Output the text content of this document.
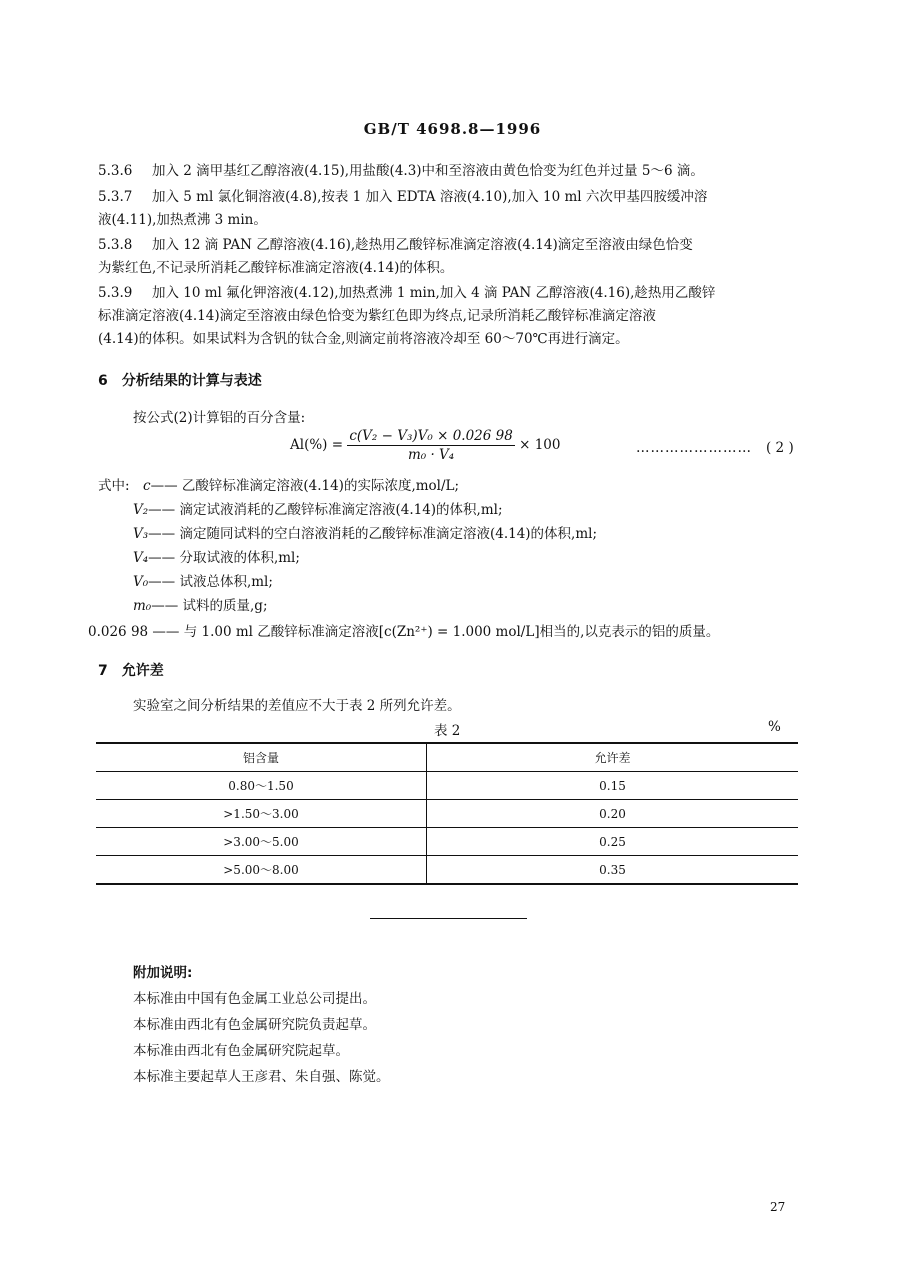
GB/T 4698.8—1996
5.3.6 加入 2 滴甲基红乙醇溶液(4.15),用盐酸(4.3)中和至溶液由黄色恰变为红色并过量 5～6 滴。
5.3.7 加入 5 ml 氯化铜溶液(4.8),按表 1 加入 EDTA 溶液(4.10),加入 10 ml 六次甲基四胺缓冲溶
液(4.11),加热煮沸 3 min。
5.3.8 加入 12 滴 PAN 乙醇溶液(4.16),趁热用乙酸锌标准滴定溶液(4.14)滴定至溶液由绿色恰变
为紫红色,不记录所消耗乙酸锌标准滴定溶液(4.14)的体积。
5.3.9 加入 10 ml 氟化钾溶液(4.12),加热煮沸 1 min,加入 4 滴 PAN 乙醇溶液(4.16),趁热用乙酸锌
标准滴定溶液(4.14)滴定至溶液由绿色恰变为紫红色即为终点,记录所消耗乙酸锌标准滴定溶液
(4.14)的体积。如果试料为含钒的钛合金,则滴定前将溶液冷却至 60～70℃再进行滴定。
6　分析结果的计算与表述
按公式(2)计算铝的百分含量:
$Al(\%) = \frac{\text{c(V₂ − V₃)V₀ × 0.026 98}}{\text{m₀ · V₄}} \times 100$	…………………… ( 2 )
式中: c—— 乙酸锌标准滴定溶液(4.14)的实际浓度,mol/L;
V₂—— 滴定试液消耗的乙酸锌标准滴定溶液(4.14)的体积,ml;
V₃—— 滴定随同试料的空白溶液消耗的乙酸锌标准滴定溶液(4.14)的体积,ml;
V₄—— 分取试液的体积,ml;
V₀—— 试液总体积,ml;
m₀—— 试料的质量,g;
0.026 98 —— 与 1.00 ml 乙酸锌标准滴定溶液[c(Zn²⁺) = 1.000 mol/L]相当的,以克表示的铝的质量。
7　允许差
实验室之间分析结果的差值应不大于表 2 所列允许差。
表 2	%
铝含量	允许差
0.80～1.50	0.15
>1.50～3.00	0.20
>3.00～5.00	0.25
>5.00～8.00	0.35
附加说明:
本标准由中国有色金属工业总公司提出。
本标准由西北有色金属研究院负责起草。
本标准由西北有色金属研究院起草。
本标准主要起草人王彦君、朱自强、陈觉。
27
